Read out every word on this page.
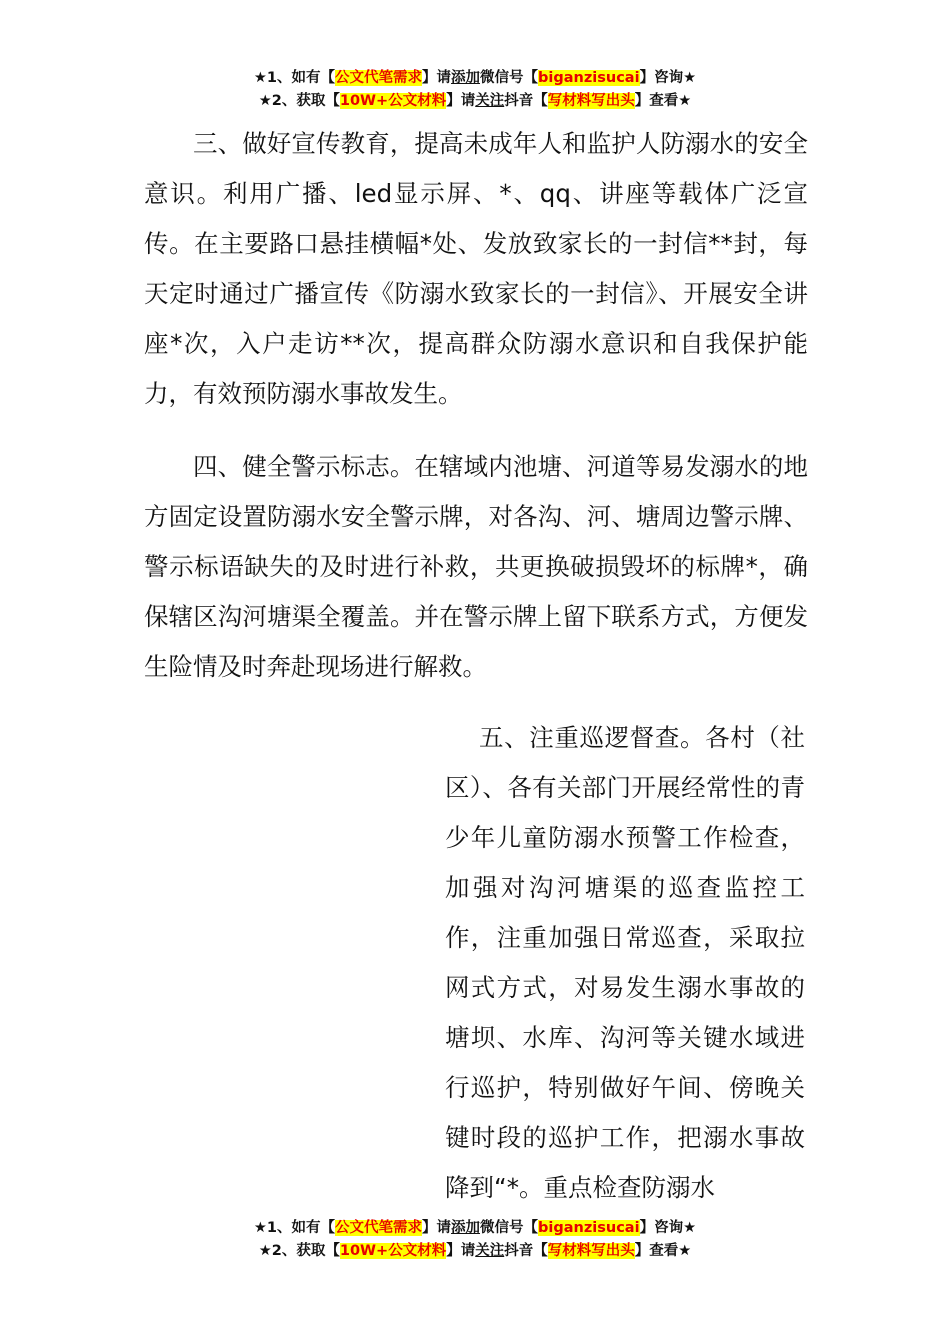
★1、如有【公文代笔需求】请添加微信号【biganzisucai】咨询★
★2、获取【10W+公文材料】请关注抖音【写材料写出头】查看★

三、做好宣传教育，提高未成年人和监护人防溺水的安全意识。利用广播、led显示屏、*、qq、讲座等载体广泛宣传。在主要路口悬挂横幅*处、发放致家长的一封信**封，每天定时通过广播宣传《防溺水致家长的一封信》、开展安全讲座*次，入户走访**次，提高群众防溺水意识和自我保护能力，有效预防溺水事故发生。

四、健全警示标志。在辖域内池塘、河道等易发溺水的地方固定设置防溺水安全警示牌，对各沟、河、塘周边警示牌、警示标语缺失的及时进行补救，共更换破损毁坏的标牌*，确保辖区沟河塘渠全覆盖。并在警示牌上留下联系方式，方便发生险情及时奔赴现场进行解救。

五、注重巡逻督查。各村（社区）、各有关部门开展经常性的青少年儿童防溺水预警工作检查，加强对沟河塘渠的巡查监控工作，注重加强日常巡查，采取拉网式方式，对易发生溺水事故的塘坝、水库、沟河等关键水域进行巡护，特别做好午间、傍晚关键时段的巡护工作，把溺水事故降到“*。重点检查防溺水

★1、如有【公文代笔需求】请添加微信号【biganzisucai】咨询★
★2、获取【10W+公文材料】请关注抖音【写材料写出头】查看★
